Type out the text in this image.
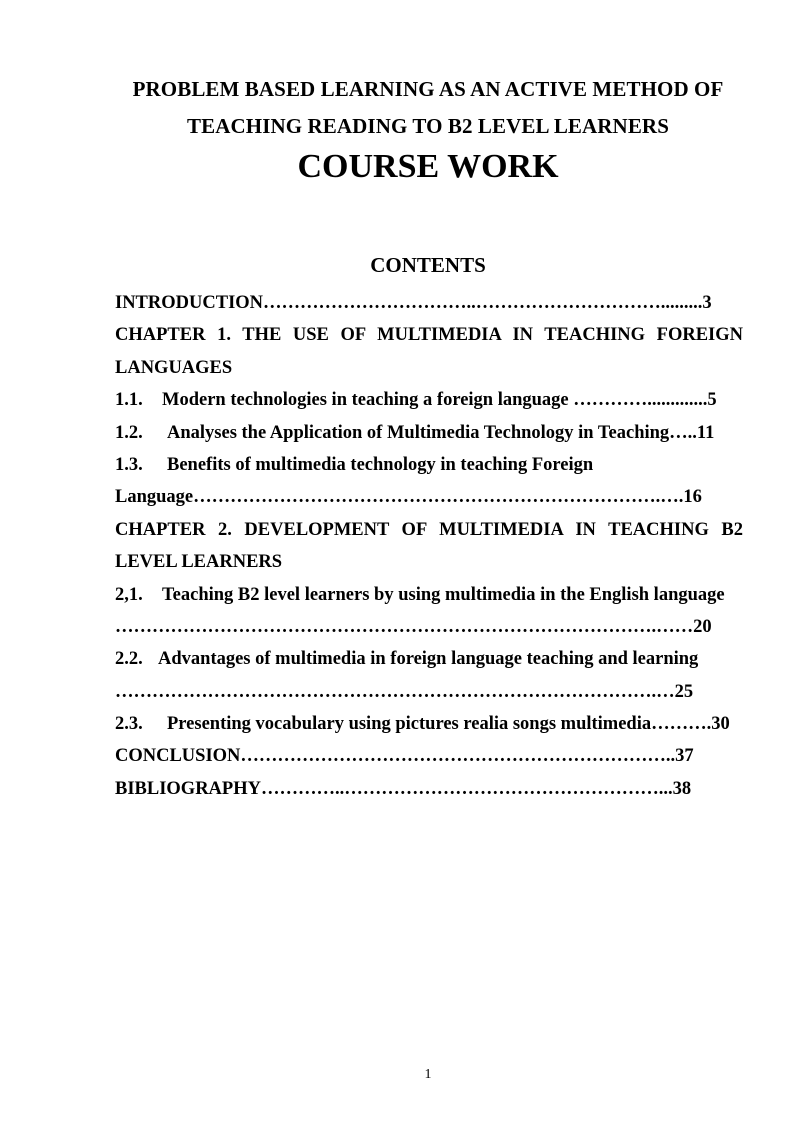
PROBLEM BASED LEARNING AS AN ACTIVE METHOD OF
TEACHING READING TO B2 LEVEL LEARNERS
COURSE WORK
CONTENTS
INTRODUCTION……………………………..………………………….........3
CHAPTER 1. THE USE OF MULTIMEDIA IN TEACHING FOREIGN
LANGUAGES
1.1. Modern technologies in teaching a foreign language ………….............5
1.2. Analyses the Application of Multimedia Technology in Teaching…..11
1.3. Benefits of multimedia technology in teaching Foreign
Language………………………………………………………………….….16
CHAPTER 2. DEVELOPMENT OF MULTIMEDIA IN TEACHING B2
LEVEL LEARNERS
2,1. Teaching B2 level learners by using multimedia in the English language
…………………………………………………………………………….……20
2.2. Advantages of multimedia in foreign language teaching and learning
…………………………………………………………………………….…25
2.3. Presenting vocabulary using pictures realia songs multimedia……….30
CONCLUSION……………………………………………………………..37
BIBLIOGRAPHY…………..……………………………………………...38
1
